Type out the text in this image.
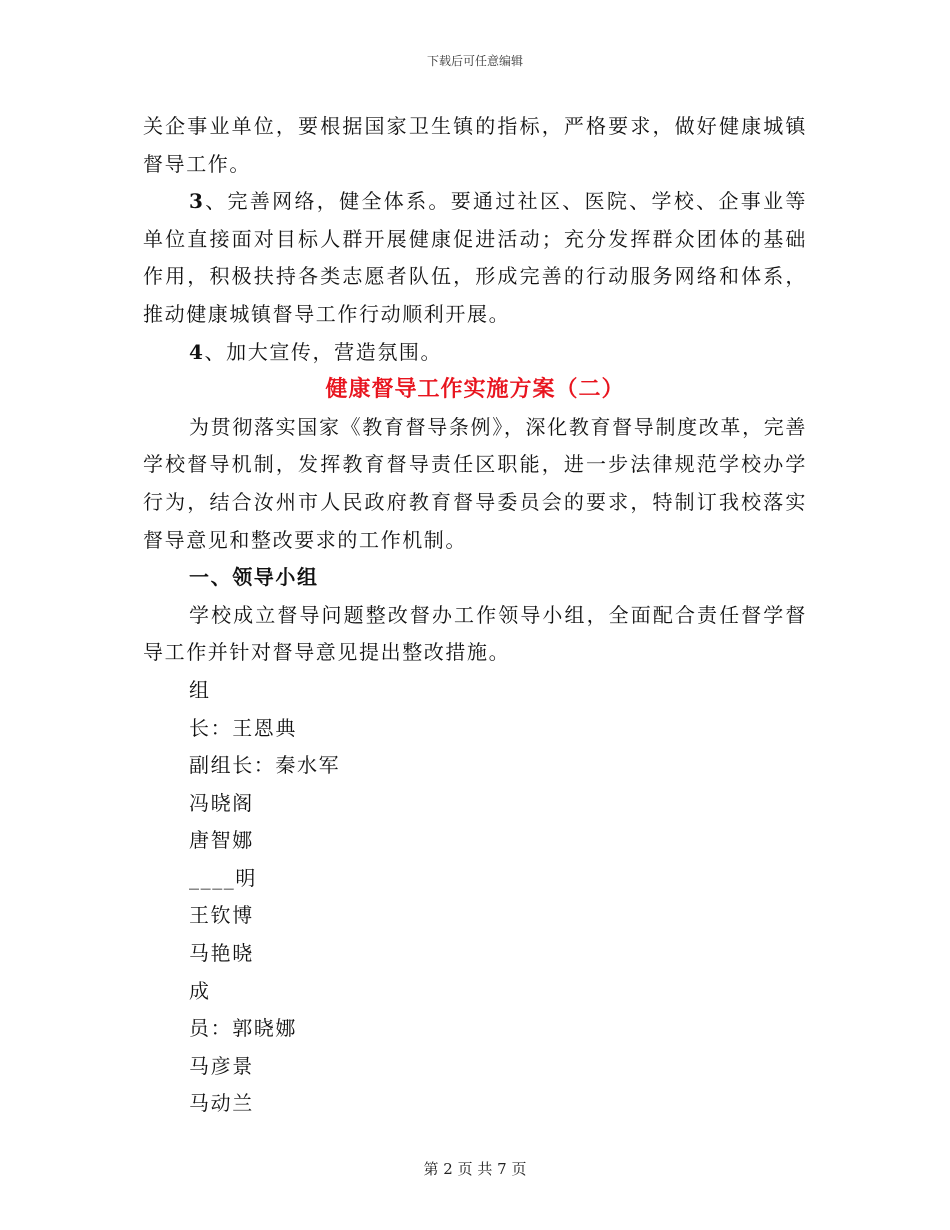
下载后可任意编辑

关企事业单位，要根据国家卫生镇的指标，严格要求，做好健康城镇督导工作。

3、完善网络，健全体系。要通过社区、医院、学校、企事业等单位直接面对目标人群开展健康促进活动；充分发挥群众团体的基础作用，积极扶持各类志愿者队伍，形成完善的行动服务网络和体系，推动健康城镇督导工作行动顺利开展。

4、加大宣传，营造氛围。

健康督导工作实施方案（二）

为贯彻落实国家《教育督导条例》，深化教育督导制度改革，完善学校督导机制，发挥教育督导责任区职能，进一步法律规范学校办学行为，结合汝州市人民政府教育督导委员会的要求，特制订我校落实督导意见和整改要求的工作机制。

一、领导小组

学校成立督导问题整改督办工作领导小组，全面配合责任督学督导工作并针对督导意见提出整改措施。

组

长：王恩典

副组长：秦水军

冯晓阁

唐智娜

____明

王钦博

马艳晓

成

员：郭晓娜

马彦景

马动兰

第 2 页 共 7 页
